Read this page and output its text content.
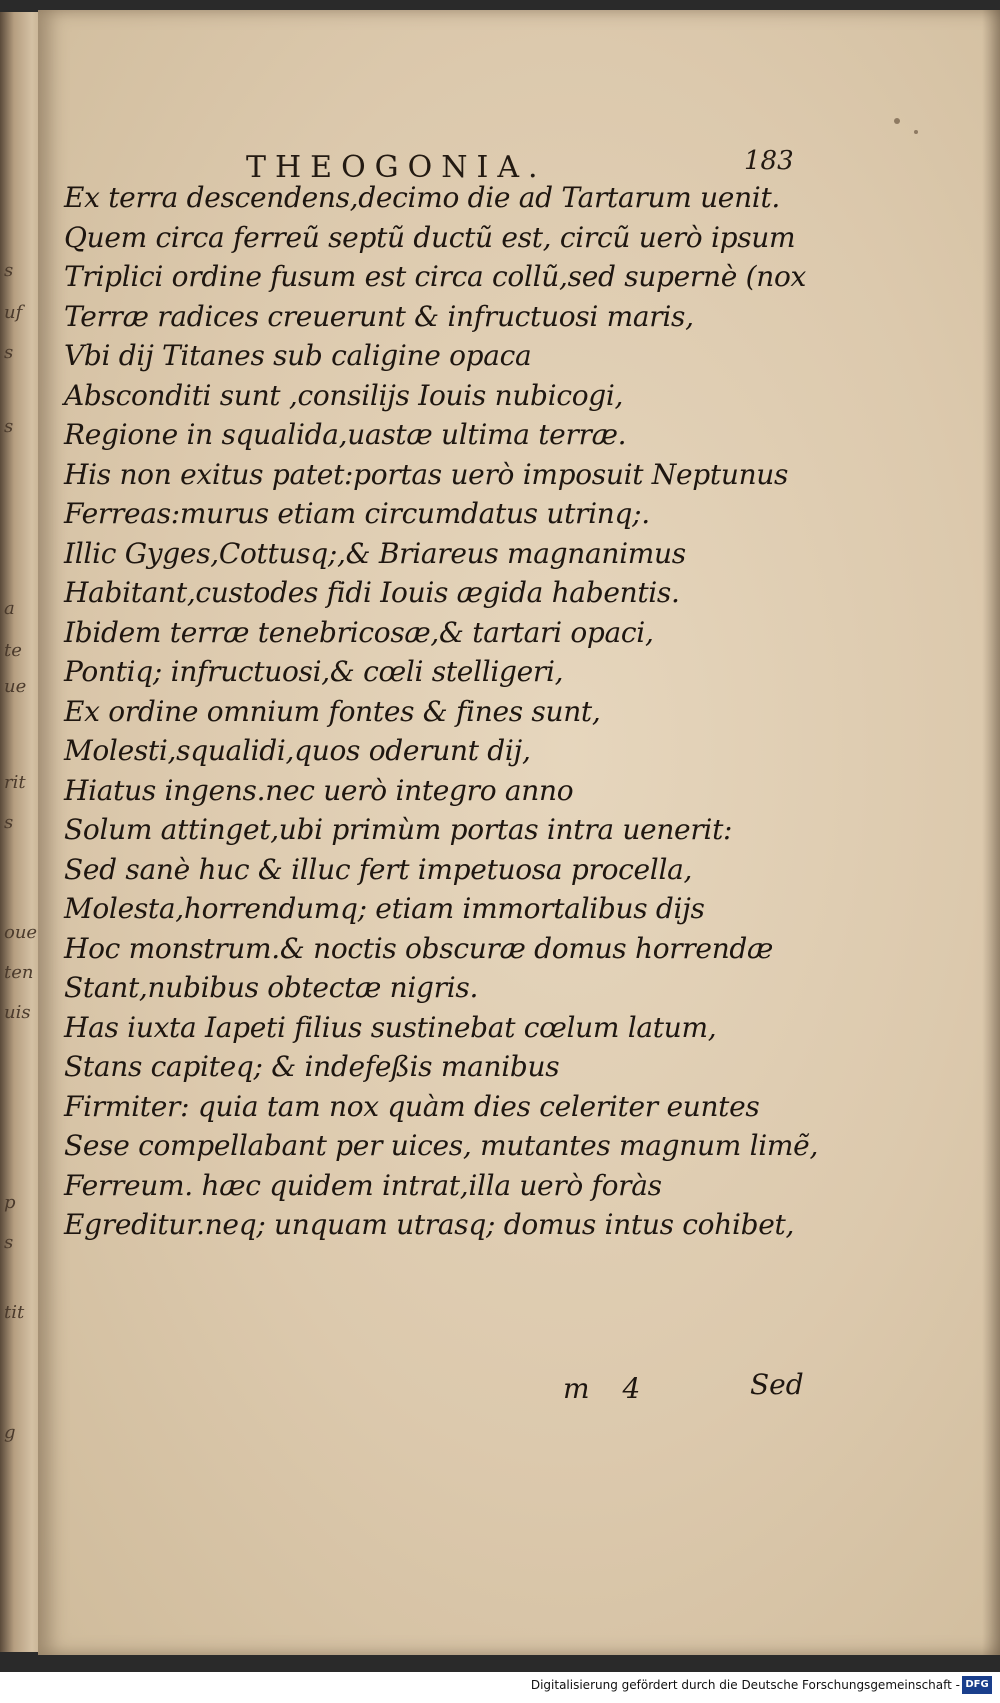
s
uf
s
s
a
te
ue
rit
s
oue
ten
uis
p
s
tit
g
THEOGONIA.	183
Ex terra descendens,decimo die ad Tartarum uenit.
Quem circa ferreũ septũ ductũ est, circũ uerò ipsum
Triplici ordine fusum est circa collũ,sed supernè (nox
Terræ radices creuerunt & infructuosi maris,
Vbi dij Titanes sub caligine opaca
Absconditi sunt ,consilijs Iouis nubicogi,
Regione in squalida,uastæ ultima terræ.
His non exitus patet:portas uerò imposuit Neptunus
Ferreas:murus etiam circumdatus utrinq;.
Illic Gyges,Cottusq;,& Briareus magnanimus
Habitant,custodes fidi Iouis ægida habentis.
Ibidem terræ tenebricosæ,& tartari opaci,
Pontiq; infructuosi,& cœli stelligeri,
Ex ordine omnium fontes & fines sunt,
Molesti,squalidi,quos oderunt dij,
Hiatus ingens.nec uerò integro anno
Solum attinget,ubi primùm portas intra uenerit:
Sed sanè huc & illuc fert impetuosa procella,
Molesta,horrendumq; etiam immortalibus dijs
Hoc monstrum.& noctis obscuræ domus horrendæ
Stant,nubibus obtectæ nigris.
Has iuxta Iapeti filius sustinebat cœlum latum,
Stans capiteq; & indefeßis manibus
Firmiter: quia tam nox quàm dies celeriter euntes
Sese compellabant per uices, mutantes magnum limẽ,
Ferreum. hæc quidem intrat,illa uerò foràs
Egreditur.neq; unquam utrasq; domus intus cohibet,
m 4	Sed
Digitalisierung gefördert durch die Deutsche Forschungsgemeinschaft - DFG
